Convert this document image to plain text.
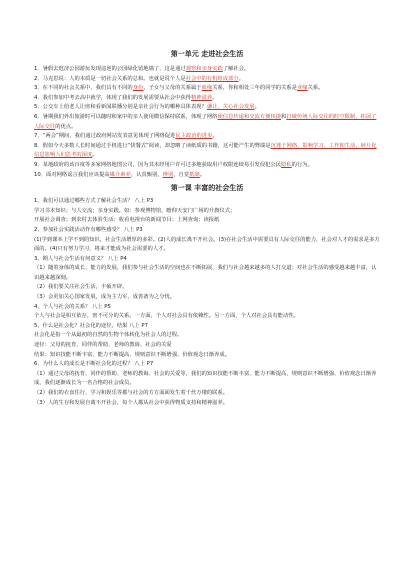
第一单元 走进社会生活

1．暑假去逛济公园游玩发现违逆的公园绿化留地墙了，这是通过观察和亲身实践了解社会。

2．马克思说：人的本质是一切社会关系的总和。也就是说个人是社会中的有机组成部分。

3．在不同的社会关系中，我们具有不同的身份，子女与父母的关系属于血缘关系，你和相处三年的同学的关系是业缘关系。

4．我们参加中考去高中就学，体现了我们的发展需要从社会中获得精神滋养。

5．公交车上给老人让座和看新闻联播分别是亲社会行为的哪种具体表现？谦让、关心社会发展。

6．暑期我们外出旅游时可以随时和家中的亲人使用微信保持联系，体现了网络使信息传递和交流方便快捷和打破传统人际交往的时空限制，拓展了人际交往的优点。

7．“两会”期间，我们通过政府网站发表意见体现了网络促进民主政治的进步。

8．假如今天多数人长时间通过手机进行“快餐式”阅读，却忽略了读纸质的书籍，这可能产生的弊端是沉迷于网络，影响学习、工作和生活，碎片化信息影响人们思考的深度。

9．某地政府的该百度等多家网络地图公司，因为其未经用户许可过多地获取用户权限连续易引发侵犯公民隐私的行为。

10．面对网络谣言我们应该提高媒介素养，认真甄别，辨别，自觉抵制。

第一课 丰富的社会生活

1、我们可以通过哪些方式了解社会生活？ 八上 P3

学习书本知识；与人交流；亲身实践。如：参观博物馆，瞻仰天安门广场的升旗仪式；

开展社会调查；到农村去体验生活；收看电视台的新闻节目；上网查询；读报纸

2、参加社会实践活动作有哪些感受？ 八上 P3

(1)学到课本上学不到的知识，社会生活增厚的多彩。(2)人的成长离不开社会。(3)在社会生活中需要具有人际交往的能力，社会对人才的需求是多方面的。(4)只有努力学习，将来才能成为社会需要的人才。

3、期人与社会生活有何意义？ 八上 P4

（1）随着身体的成长、能力的发展，我们参与社会生活的空间也在不断拓展，我们与社会越来越多的人打交道；对社会生活的感受越来越丰富，认识越来越深刻。

（2）我们要关注社会生活，丰硕开辟。

（3）会更加关心国家发展，成为主力军，成善备为之分忧。

4、个人与社会的关系？ 八上 P5

个人与社会是相互依存，密不可分的关系。一方面，个人对社会具有依赖性。另一方面，个人对社会具有能动性。

5、什么是社会化？社会化的途径、结果 八上 P7

社会化是指一个从最初的自然的生物个体转化为社会人的过程。

途径：父母的抚育、同伴的帮助、老师的教诲、社会的关爱

结果：知识技能不断丰富、能力不断提高、规则意识不断增强、价值观念日渐养成。

6、为什么人的成长是不断社会化的过程？ 八上 P7

（1）通过父母的抚育、同伴的帮助、老师的教诲、社会的关爱等，我们的知识技能不断丰富、能力不断提高、规则意识不断增强、价值观念日渐养成，我们逐渐成长为一名合格的社会成员。

（2）我们的衣食住行、学习和娱乐等都与社会的方方面面发生着千丝万缕的联系。

（3）人的生存和发展自离不开社会，每个人都从社会中获得物质支持和精神滋养。
